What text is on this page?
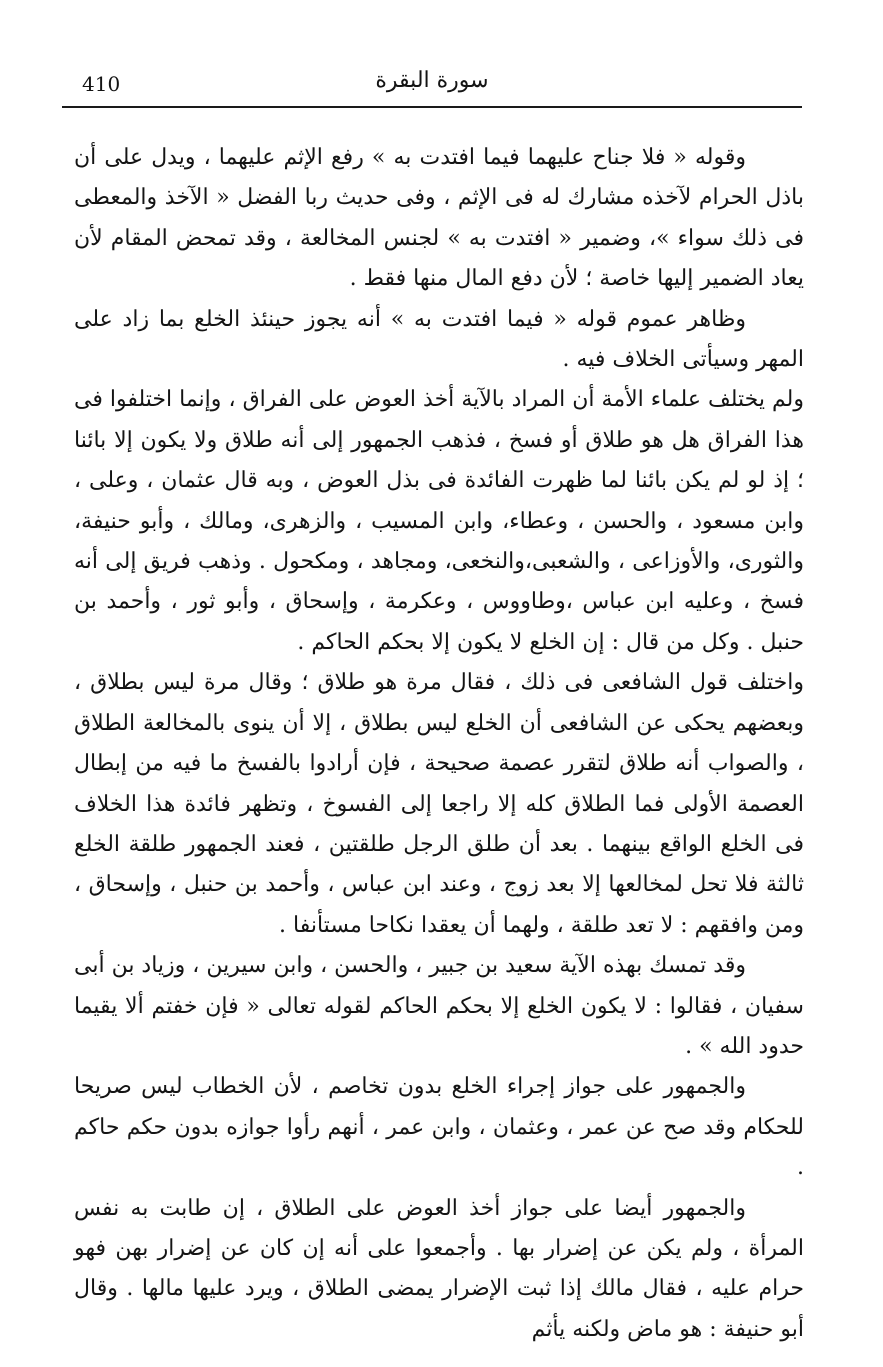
410	سورة البقرة

وقوله « فلا جناح عليهما فيما افتدت به » رفع الإثم عليهما ، ويدل على أن باذل الحرام لآخذه مشارك له فى الإثم ، وفى حديث ربا الفضل « الآخذ والمعطى فى ذلك سواء »، وضمير « افتدت به » لجنس المخالعة ، وقد تمحض المقام لأن يعاد الضمير إليها خاصة ؛ لأن دفع المال منها فقط .

وظاهر عموم قوله « فيما افتدت به » أنه يجوز حينئذ الخلع بما زاد على المهر وسيأتى الخلاف فيه .

ولم يختلف علماء الأمة أن المراد بالآية أخذ العوض على الفراق ، وإنما اختلفوا فى هذا الفراق هل هو طلاق أو فسخ ، فذهب الجمهور إلى أنه طلاق ولا يكون إلا بائنا ؛ إذ لو لم يكن بائنا لما ظهرت الفائدة فى بذل العوض ، وبه قال عثمان ، وعلى ، وابن مسعود ، والحسن ، وعطاء، وابن المسيب ، والزهرى، ومالك ، وأبو حنيفة، والثورى، والأوزاعى ، والشعبى،والنخعى، ومجاهد ، ومكحول . وذهب فريق إلى أنه فسخ ، وعليه ابن عباس ،وطاووس ، وعكرمة ، وإسحاق ، وأبو ثور ، وأحمد بن حنبل . وكل من قال : إن الخلع لا يكون إلا بحكم الحاكم .

واختلف قول الشافعى فى ذلك ، فقال مرة هو طلاق ؛ وقال مرة ليس بطلاق ، وبعضهم يحكى عن الشافعى أن الخلع ليس بطلاق ، إلا أن ينوى بالمخالعة الطلاق ، والصواب أنه طلاق لتقرر عصمة صحيحة ، فإن أرادوا بالفسخ ما فيه من إبطال العصمة الأولى فما الطلاق كله إلا راجعا إلى الفسوخ ، وتظهر فائدة هذا الخلاف فى الخلع الواقع بينهما . بعد أن طلق الرجل طلقتين ، فعند الجمهور طلقة الخلع ثالثة فلا تحل لمخالعها إلا بعد زوج ، وعند ابن عباس ، وأحمد بن حنبل ، وإسحاق ، ومن وافقهم : لا تعد طلقة ، ولهما أن يعقدا نكاحا مستأنفا .

وقد تمسك بهذه الآية سعيد بن جبير ، والحسن ، وابن سيرين ، وزياد بن أبى سفيان ، فقالوا : لا يكون الخلع إلا بحكم الحاكم لقوله تعالى « فإن خفتم ألا يقيما حدود الله » .

والجمهور على جواز إجراء الخلع بدون تخاصم ، لأن الخطاب ليس صريحا للحكام وقد صح عن عمر ، وعثمان ، وابن عمر ، أنهم رأوا جوازه بدون حكم حاكم .

والجمهور أيضا على جواز أخذ العوض على الطلاق ، إن طابت به نفس المرأة ، ولم يكن عن إضرار بها . وأجمعوا على أنه إن كان عن إضرار بهن فهو حرام عليه ، فقال مالك إذا ثبت الإضرار يمضى الطلاق ، ويرد عليها مالها . وقال أبو حنيفة : هو ماض ولكنه يأثم
